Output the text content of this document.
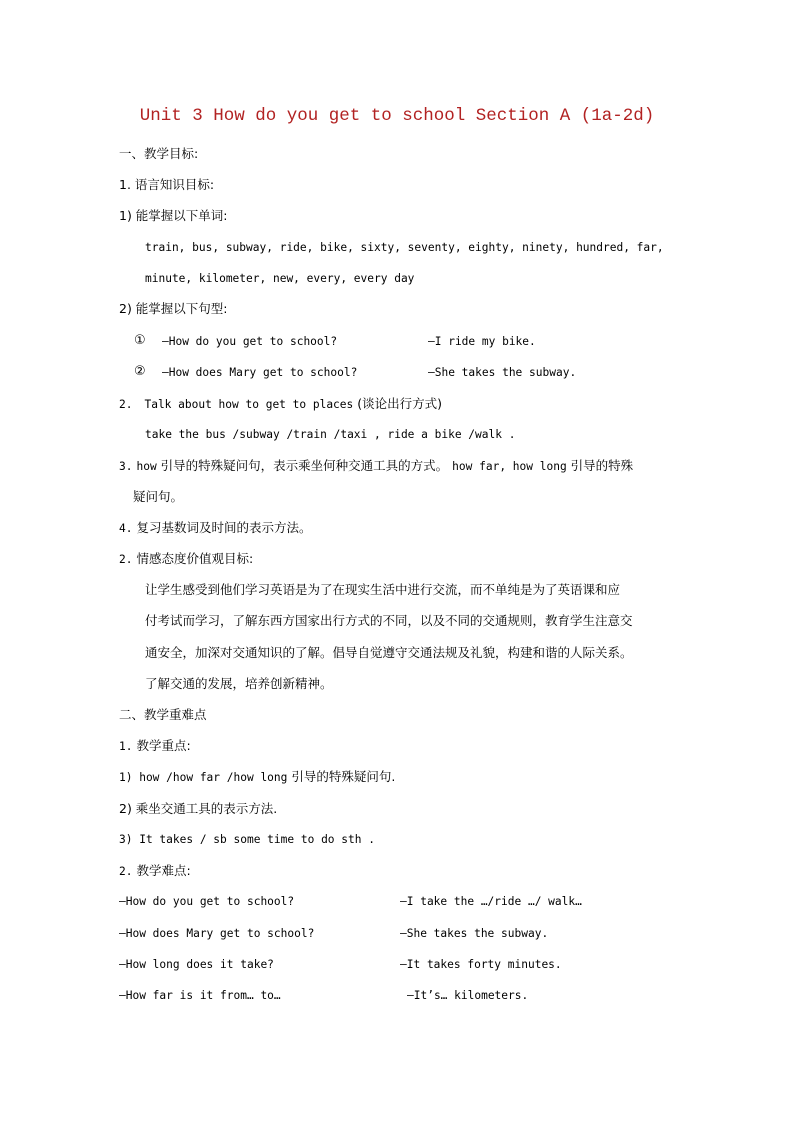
Unit 3 How do you get to school Section A (1a-2d)
一、教学目标:
1. 语言知识目标:
1) 能掌握以下单词:
train, bus, subway, ride, bike, sixty, seventy, eighty, ninety, hundred, far,
minute, kilometer, new, every, every day
2) 能掌握以下句型:
① —How do you get to school?	—I ride my bike.
② —How does Mary get to school?	—She takes the subway.
2. Talk about how to get to places (谈论出行方式)
take the bus /subway /train /taxi , ride a bike /walk .
3. how 引导的特殊疑问句，表示乘坐何种交通工具的方式。 how far, how long 引导的特殊
疑问句。
4. 复习基数词及时间的表示方法。
2. 情感态度价值观目标:
让学生感受到他们学习英语是为了在现实生活中进行交流，而不单纯是为了英语课和应
付考试而学习，了解东西方国家出行方式的不同，以及不同的交通规则，教育学生注意交
通安全，加深对交通知识的了解。倡导自觉遵守交通法规及礼貌，构建和谐的人际关系。
了解交通的发展，培养创新精神。
二、教学重难点
1. 教学重点:
1) how /how far /how long 引导的特殊疑问句.
2) 乘坐交通工具的表示方法.
3) It takes / sb some time to do sth .
2. 教学难点:
—How do you get to school?	—I take the …/ride …/ walk…
—How does Mary get to school?	—She takes the subway.
—How long does it take?	—It takes forty minutes.
—How far is it from… to…	—It’s… kilometers.
